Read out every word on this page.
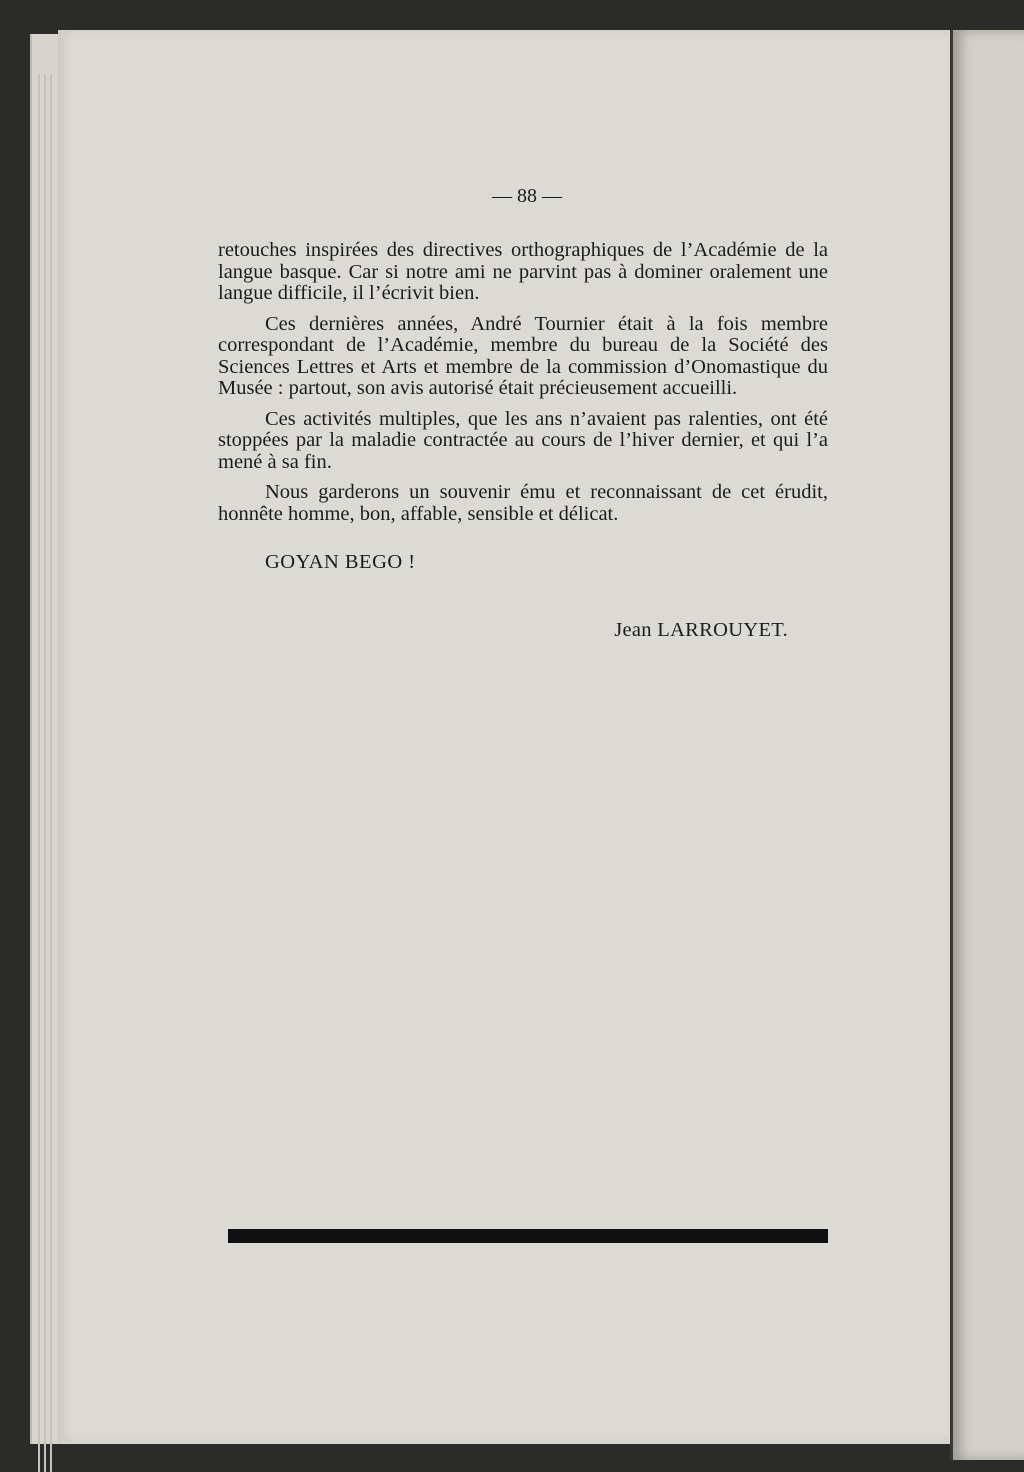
— 88 —

retouches inspirées des directives orthographiques de l’Académie de la langue basque. Car si notre ami ne parvint pas à dominer oralement une langue difficile, il l’écrivit bien.

Ces dernières années, André Tournier était à la fois membre correspondant de l’Académie, membre du bureau de la Société des Sciences Lettres et Arts et membre de la commission d’Onomastique du Musée : partout, son avis autorisé était précieusement accueilli.

Ces activités multiples, que les ans n’avaient pas ralenties, ont été stoppées par la maladie contractée au cours de l’hiver dernier, et qui l’a mené à sa fin.

Nous garderons un souvenir ému et reconnaissant de cet érudit, honnête homme, bon, affable, sensible et délicat.

GOYAN BEGO !
Jean LARROUYET.
